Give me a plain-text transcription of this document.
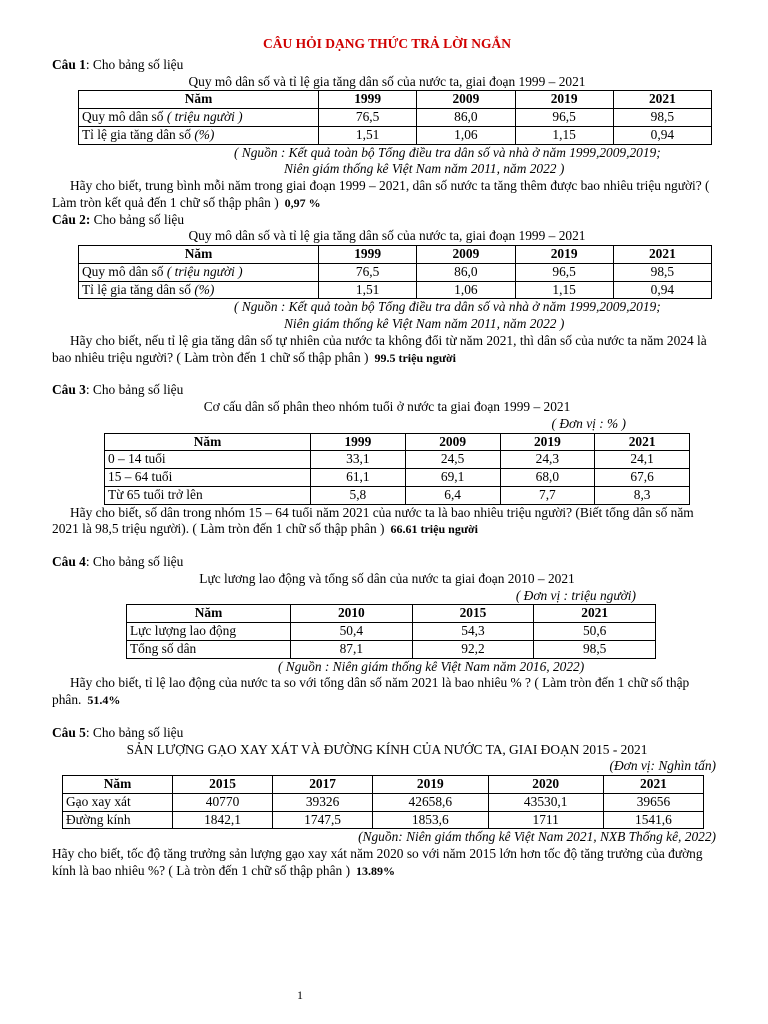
CÂU HỎI DẠNG THỨC TRẢ LỜI NGẮN

Câu 1: Cho bảng số liệu

Quy mô dân số và tỉ lệ gia tăng dân số của nước ta, giai đoạn 1999 – 2021

Năm	1999	2009	2019	2021
Quy mô dân số ( triệu người )	76,5	86,0	96,5	98,5
Tỉ lệ gia tăng dân số (%)	1,51	1,06	1,15	0,94

( Nguồn : Kết quả toàn bộ Tổng điều tra dân số và nhà ở năm 1999,2009,2019;

Niên giám thống kê Việt Nam năm 2011, năm 2022 )

Hãy cho biết, trung bình mỗi năm trong giai đoạn 1999 – 2021, dân số nước ta tăng thêm được bao nhiêu triệu người? ( Làm tròn kết quả đến 1 chữ số thập phân ) 0,97 %

Câu 2: Cho bảng số liệu

Quy mô dân số và tỉ lệ gia tăng dân số của nước ta, giai đoạn 1999 – 2021

Năm	1999	2009	2019	2021
Quy mô dân số ( triệu người )	76,5	86,0	96,5	98,5
Tỉ lệ gia tăng dân số (%)	1,51	1,06	1,15	0,94

( Nguồn : Kết quả toàn bộ Tổng điều tra dân số và nhà ở năm 1999,2009,2019;

Niên giám thống kê Việt Nam năm 2011, năm 2022 )

Hãy cho biết, nếu tỉ lệ gia tăng dân số tự nhiên của nước ta không đổi từ năm 2021, thì dân số của nước ta năm 2024 là bao nhiêu triệu người? ( Làm tròn đến 1 chữ số thập phân ) 99.5 triệu người

Câu 3: Cho bảng số liệu

Cơ cấu dân số phân theo nhóm tuổi ở nước ta giai đoạn 1999 – 2021

( Đơn vị : % )

Năm	1999	2009	2019	2021
0 – 14 tuổi	33,1	24,5	24,3	24,1
15 – 64 tuổi	61,1	69,1	68,0	67,6
Từ 65 tuổi trở lên	5,8	6,4	7,7	8,3

Hãy cho biết, số dân trong nhóm 15 – 64 tuổi năm 2021 của nước ta là bao nhiêu triệu người? (Biết tổng dân số năm 2021 là 98,5 triệu người). ( Làm tròn đến 1 chữ số thập phân ) 66.61 triệu người

Câu 4: Cho bảng số liệu

Lực lương lao động và tổng số dân của nước ta giai đoạn 2010 – 2021

( Đơn vị : triệu người)

Năm	2010	2015	2021
Lực lượng lao động	50,4	54,3	50,6
Tổng số dân	87,1	92,2	98,5

( Nguồn : Niên giám thống kê Việt Nam năm 2016, 2022)

Hãy cho biết, tỉ lệ lao động của nước ta so với tổng dân số năm 2021 là bao nhiêu % ? ( Làm tròn đến 1 chữ số thập phân. 51.4%

Câu 5: Cho bảng số liệu

SẢN LƯỢNG GẠO XAY XÁT VÀ ĐƯỜNG KÍNH CỦA NƯỚC TA, GIAI ĐOẠN 2015 - 2021

(Đơn vị: Nghìn tấn)

Năm	2015	2017	2019	2020	2021
Gạo xay xát	40770	39326	42658,6	43530,1	39656
Đường kính	1842,1	1747,5	1853,6	1711	1541,6

(Nguồn: Niên giám thống kê Việt Nam 2021, NXB Thống kê, 2022)

Hãy cho biết, tốc độ tăng trưởng sản lượng gạo xay xát năm 2020 so với năm 2015 lớn hơn tốc độ tăng trưởng của đường kính là bao nhiêu %? ( Là tròn đến 1 chữ số thập phân ) 13.89%

1
